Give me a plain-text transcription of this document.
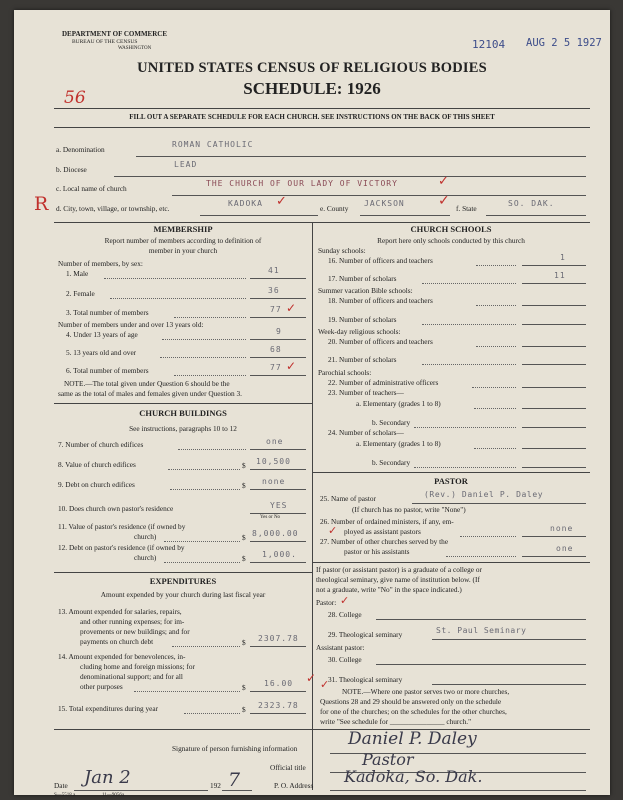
DEPARTMENT OF COMMERCE
BUREAU OF THE CENSUS
WASHINGTON	12104 AUG 2 5 1927
UNITED STATES CENSUS OF RELIGIOUS BODIES
SCHEDULE: 1926
56
FILL OUT A SEPARATE SCHEDULE FOR EACH CHURCH. SEE INSTRUCTIONS ON THE BACK OF THIS SHEET
a. Denomination
ROMAN CATHOLIC
b. Diocese
LEAD
c. Local name of church
THE CHURCH OF OUR LADY OF VICTORY	✓
R d. City, town, village, or township, etc.
KADOKA ✓	e. County
JACKSON ✓ f. State
SO. DAK.
MEMBERSHIP
Report number of members according to definition of
member in your church
Number of members, by sex:
1. Male	41
2. Female	36
3. Total number of members	77 ✓
Number of members under and over 13 years old:
4. Under 13 years of age	9
5. 13 years old and over	68
6. Total number of members	77 ✓
NOTE.—The total given under Question 6 should be the
same as the total of males and females given under Question 3.
CHURCH BUILDINGS
See instructions, paragraphs 10 to 12
7. Number of church edifices	one
8. Value of church edifices	$ 10,500
9. Debt on church edifices	$ none
10. Does church own pastor's residence	YES
Yes or No
11. Value of pastor's residence (if owned by
church)	$ 8,000.00
12. Debt on pastor's residence (if owned by
church)	$ 1,000.
EXPENDITURES
Amount expended by your church during last fiscal year
13. Amount expended for salaries, repairs,
and other running expenses; for im-
provements or new buildings; and for
payments on church debt	$ 2307.78
14. Amount expended for benevolences, in-
cluding home and foreign missions; for
denominational support; and for all
other purposes	$ 16.00 ✓
15. Total expenditures during year	$ 2323.78
CHURCH SCHOOLS
Report here only schools conducted by this church
Sunday schools:
16. Number of officers and teachers	1
17. Number of scholars	11
Summer vacation Bible schools:
18. Number of officers and teachers
19. Number of scholars
Week-day religious schools:
20. Number of officers and teachers
21. Number of scholars
Parochial schools:
22. Number of administrative officers
23. Number of teachers—
a. Elementary (grades 1 to 8)
b. Secondary
24. Number of scholars—
a. Elementary (grades 1 to 8)
b. Secondary
PASTOR
25. Name of pastor	(Rev.) Daniel P. Daley
(If church has no pastor, write "None")
26. Number of ordained ministers, if any, em-
ployed as assistant pastors	none
✓
27. Number of other churches served by the
pastor or his assistants	one
If pastor (or assistant pastor) is a graduate of a college or
theological seminary, give name of institution below. (If
not a graduate, write "No" in the space indicated.)
Pastor: ✓
28. College
29. Theological seminary	St. Paul Seminary
Assistant pastor:
30. College
31. Theological seminary
NOTE.—Where one pastor serves two or more churches,
Questions 28 and 29 should be answered only on the schedule
for one of the churches; on the schedules for the other churches,
write "See schedule for _______________ church."
✓
Signature of person furnishing information	Daniel P. Daley
Official title	Pastor
Date Jan 2	192 7	P. O. Address Kadoka, So. Dak.
S—5518 a	11—9056a
